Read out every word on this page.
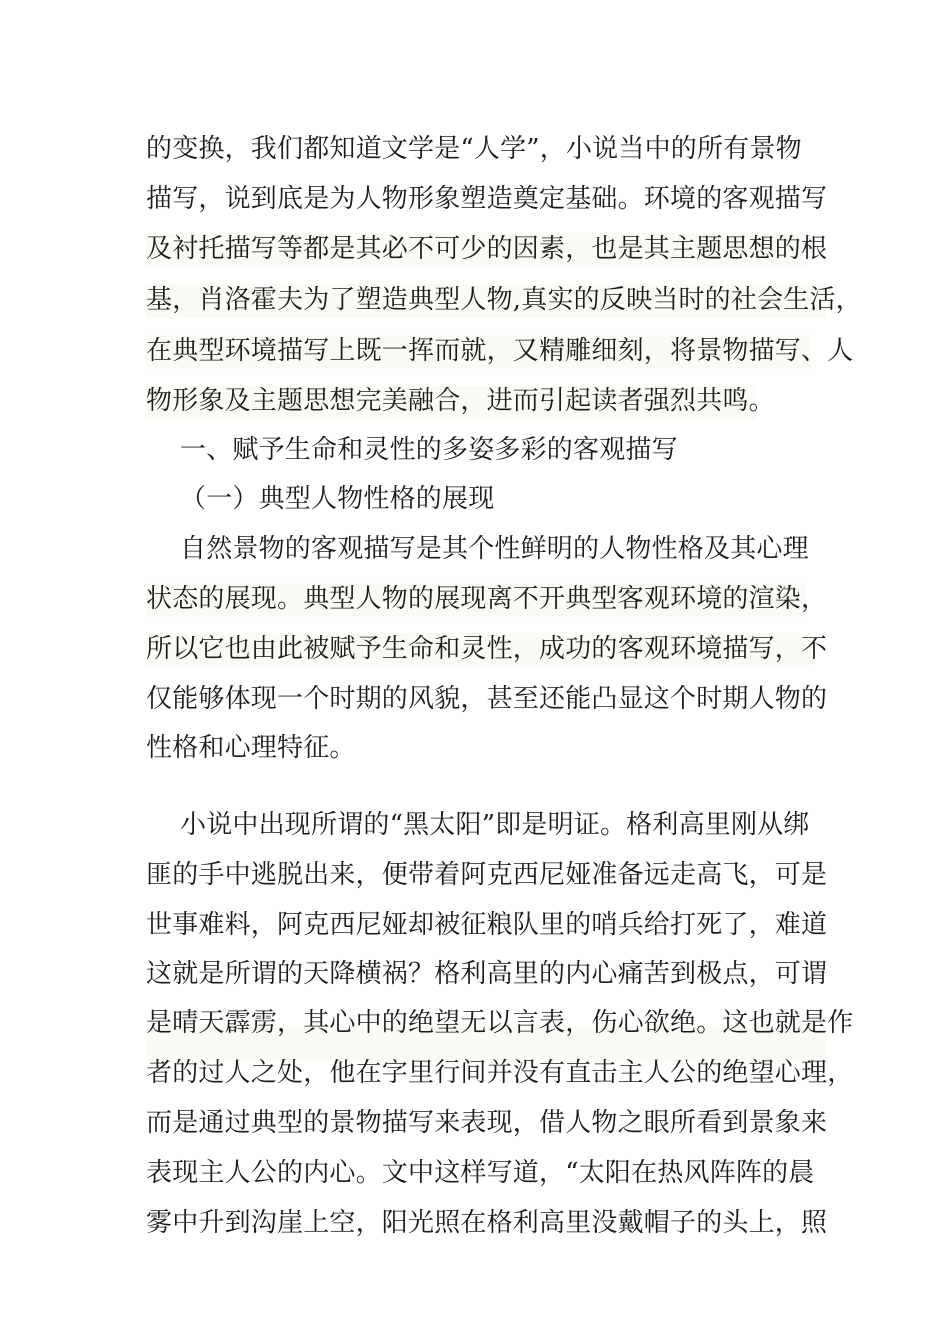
的变换，我们都知道文学是“人学”，小说当中的所有景物
描写，说到底是为人物形象塑造奠定基础。环境的客观描写
及衬托描写等都是其必不可少的因素，也是其主题思想的根
基，肖洛霍夫为了塑造典型人物,真实的反映当时的社会生活，
在典型环境描写上既一挥而就，又精雕细刻，将景物描写、人
物形象及主题思想完美融合，进而引起读者强烈共鸣。
一、赋予生命和灵性的多姿多彩的客观描写
（一）典型人物性格的展现
自然景物的客观描写是其个性鲜明的人物性格及其心理
状态的展现。典型人物的展现离不开典型客观环境的渲染，
所以它也由此被赋予生命和灵性，成功的客观环境描写，不
仅能够体现一个时期的风貌，甚至还能凸显这个时期人物的
性格和心理特征。
小说中出现所谓的“黑太阳”即是明证。格利高里刚从绑
匪的手中逃脱出来，便带着阿克西尼娅准备远走高飞，可是
世事难料，阿克西尼娅却被征粮队里的哨兵给打死了，难道
这就是所谓的天降横祸？格利高里的内心痛苦到极点，可谓
是晴天霹雳，其心中的绝望无以言表，伤心欲绝。这也就是作
者的过人之处，他在字里行间并没有直击主人公的绝望心理，
而是通过典型的景物描写来表现，借人物之眼所看到景象来
表现主人公的内心。文中这样写道，“太阳在热风阵阵的晨
雾中升到沟崖上空，阳光照在格利高里没戴帽子的头上，照
